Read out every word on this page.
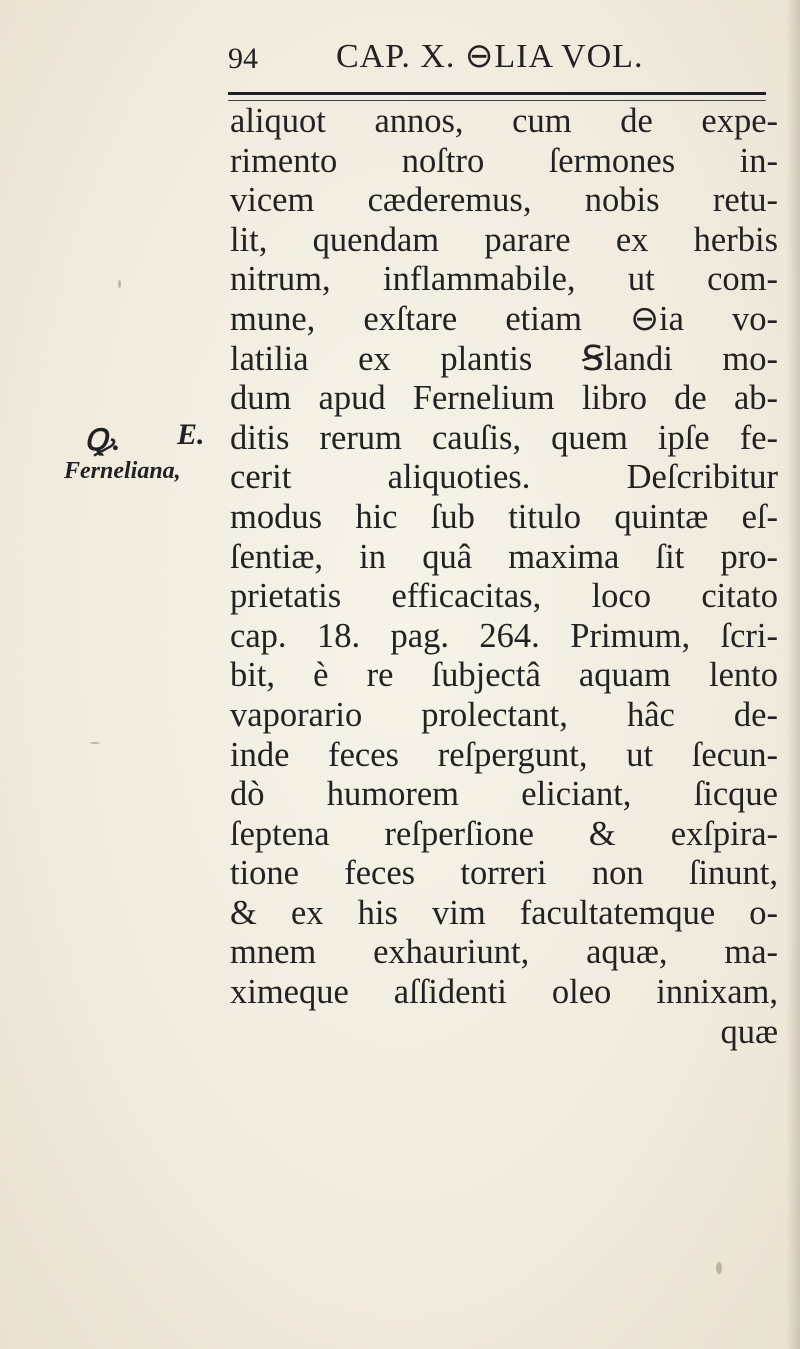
94 CAP. X. ⊖LIA VOL.
Ꝙ. E.
Ferneliana,
aliquot annos, cum de expe-
rimento noſtro ſermones in-
vicem cæderemus, nobis retu-
lit, quendam parare ex herbis
nitrum, inflammabile, ut com-
mune, exſtare etiam ⊖ia vo-
latilia ex plantis Ꞩlandi mo-
dum apud Fernelium libro de ab-
ditis rerum cauſis, quem ipſe fe-
cerit aliquoties. Deſcribitur
modus hic ſub titulo quintæ eſ-
ſentiæ, in quâ maxima ſit pro-
prietatis efficacitas, loco citato
cap. 18. pag. 264. Primum, ſcri-
bit, è re ſubjectâ aquam lento
vaporario prolectant, hâc de-
inde feces reſpergunt, ut ſecun-
dò humorem eliciant, ſicque
ſeptena reſperſione & exſpira-
tione feces torreri non ſinunt,
& ex his vim facultatemque o-
mnem exhauriunt, aquæ, ma-
ximeque aſſidenti oleo innixam,
quæ
